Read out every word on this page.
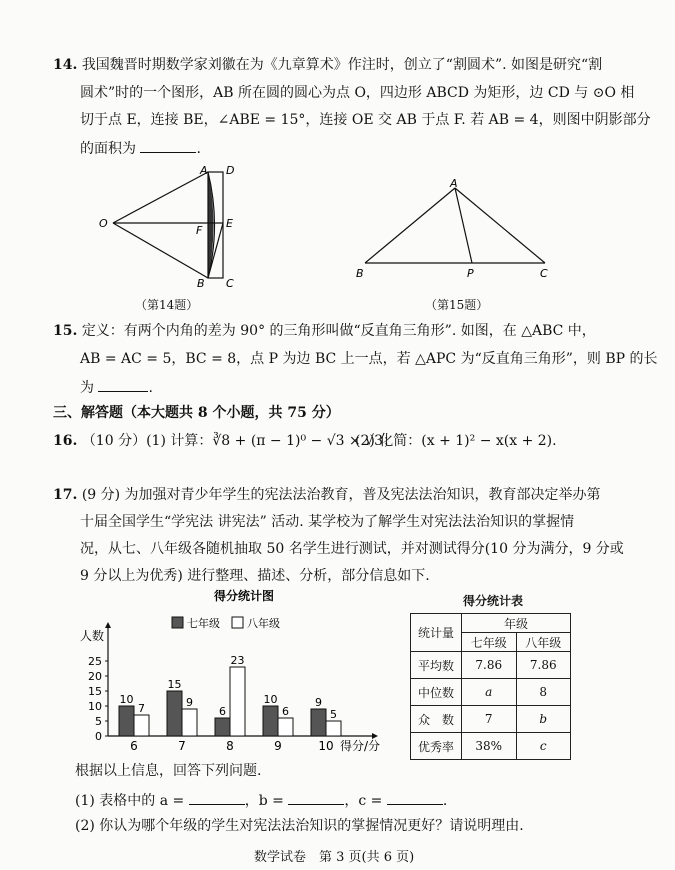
14. 我国魏晋时期数学家刘徽在为《九章算术》作注时，创立了“割圆术”. 如图是研究“割
圆术”时的一个图形，AB 所在圆的圆心为点 O，四边形 ABCD 为矩形，边 CD 与 ⊙O 相
切于点 E，连接 BE，∠ABE = 15°，连接 OE 交 AB 于点 F. 若 AB = 4，则图中阴影部分
的面积为	.
A D
O
F
E
B C
（第14题）
A
B	P	C
（第15题）
15. 定义：有两个内角的差为 90° 的三角形叫做“反直角三角形”. 如图，在 △ABC 中，
AB = AC = 5，BC = 8，点 P 为边 BC 上一点，若 △APC 为“反直角三角形”，则 BP 的长
为	.
三、解答题（本大题共 8 个小题，共 75 分）
16. （10 分）(1) 计算：∛8 + (π − 1)⁰ − √3 × √3；
(2) 化简：(x + 1)² − x(x + 2).
17. (9 分) 为加强对青少年学生的宪法法治教育，普及宪法法治知识，教育部决定举办第
十届全国学生“学宪法 讲宪法” 活动. 某学校为了解学生对宪法法治知识的掌握情
况，从七、八年级各随机抽取 50 名学生进行测试，并对测试得分(10 分为满分，9 分或
9 分以上为优秀) 进行整理、描述、分析，部分信息如下.
得分统计图
七年级 八年级
人数
0
5
10
15
20
25
10
7
6
15
9
7
6
23
8
10
6
9
9
5
10 得分/分
得分统计表
统计量	年级	
	七年级	八年级
平均数	7.86	7.86
中位数	a	8
众　数	7	b
优秀率	38%	c
根据以上信息，回答下列问题.
(1) 表格中的 a =	，b =	，c =	.
(2) 你认为哪个年级的学生对宪法法治知识的掌握情况更好？请说明理由.
数学试卷　第 3 页(共 6 页)
